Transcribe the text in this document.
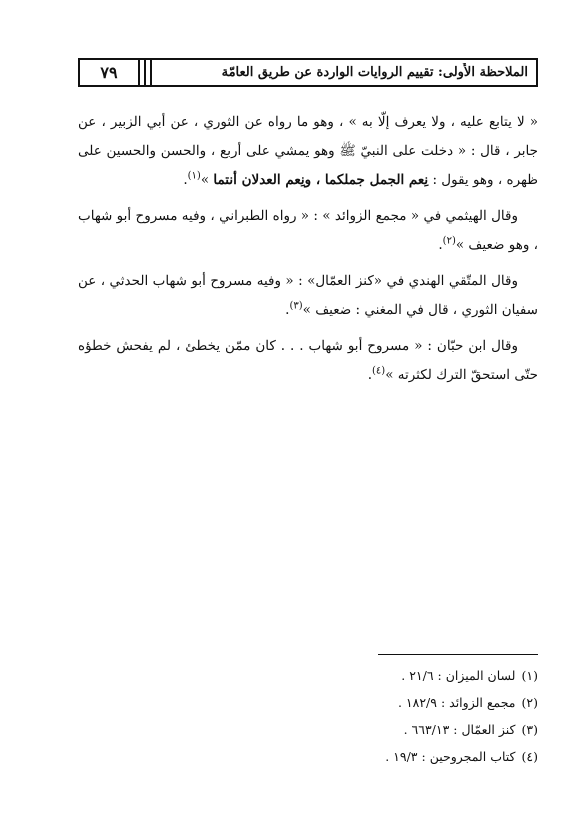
٧٩	الملاحظة الأُولى: تقييم الروايات الواردة عن طريق العامّة

« لا يتابع عليه ، ولا يعرف إلّا به » ، وهو ما رواه عن الثوري ، عن أبي الزبير ، عن جابر ، قال : « دخلت على النبيّ ﷺ وهو يمشي على أربع ، والحسن والحسين على ظهره ، وهو يقول : نِعم الجمل جملكما ، ونِعم العدلان أنتما »$^{(١)}$.

وقال الهيثمي في « مجمع الزوائد » : « رواه الطبراني ، وفيه مسروح أبو شهاب ، وهو ضعيف »$^{(٢)}$.

وقال المتّقي الهندي في «كنز العمّال» : « وفيه مسروح أبو شهاب الحدثي ، عن سفيان الثوري ، قال في المغني : ضعيف »$^{(٣)}$.

وقال ابن حبّان : « مسروح أبو شهاب . . . كان ممّن يخطئ ، لم يفحش خطؤه حتّى استحقّ الترك لكثرته »$^{(٤)}$.

(١)لسان الميزان : ٢١/٦ .
(٢)مجمع الزوائد : ١٨٢/٩ .
(٣)كنز العمّال : ٦٦٣/١٣ .
(٤)كتاب المجروحين : ١٩/٣ .
